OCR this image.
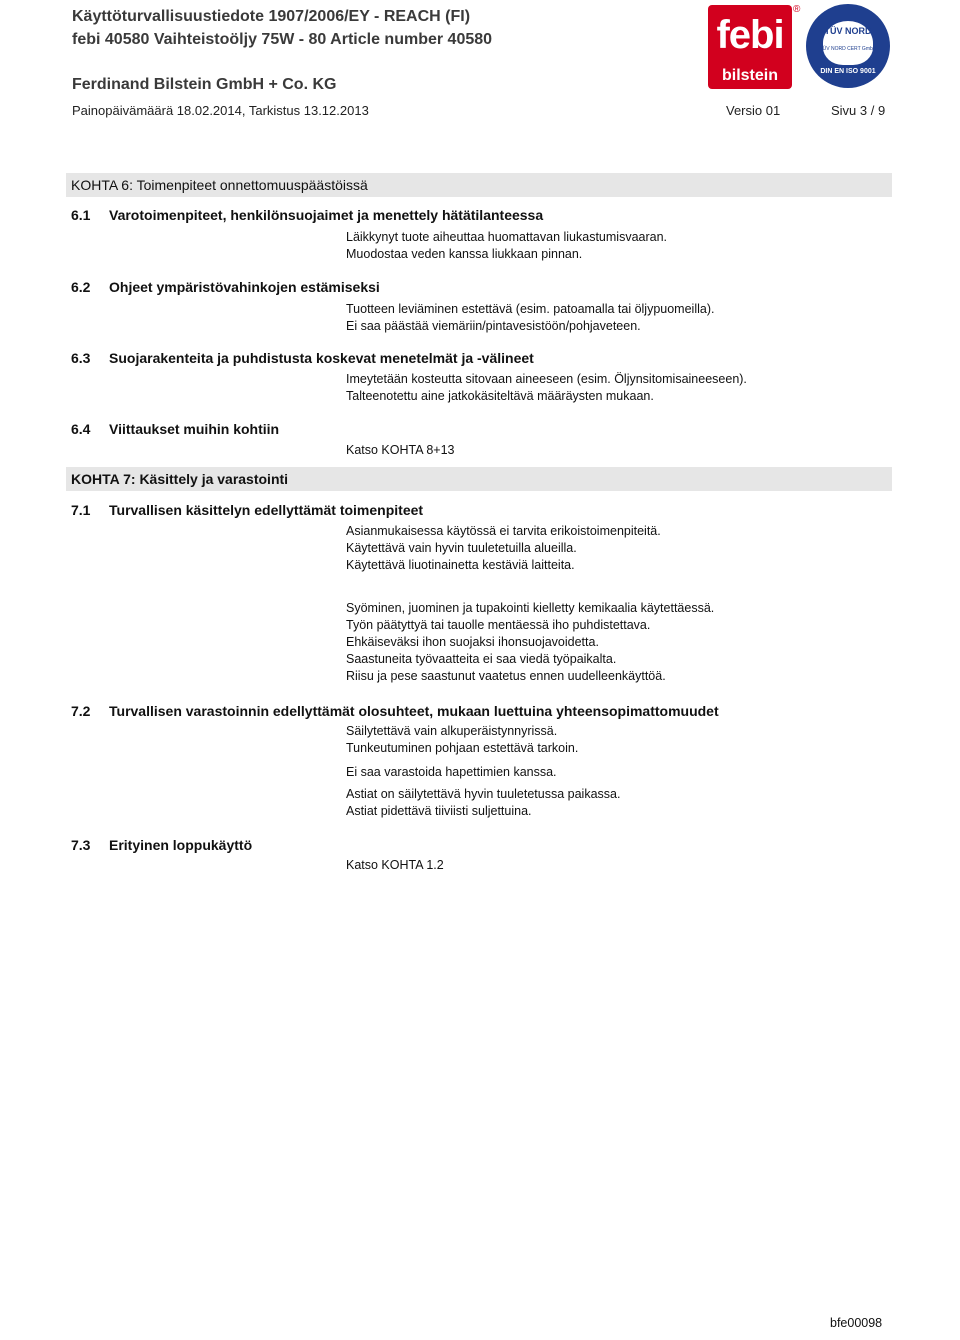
Käyttöturvallisuustiedote 1907/2006/EY - REACH (FI)
febi 40580 Vaihteistoöljy 75W - 80 Article number 40580
Ferdinand Bilstein GmbH + Co. KG
Painopäivämäärä 18.02.2014, Tarkistus 13.12.2013	Versio 01	Sivu 3 / 9
febi
bilstein
®
TÜV NORD
TÜV NORD CERT GmbH
DIN EN ISO 9001
KOHTA 6: Toimenpiteet onnettomuuspäästöissä
6.1 Varotoimenpiteet, henkilönsuojaimet ja menettely hätätilanteessa
Läikkynyt tuote aiheuttaa huomattavan liukastumisvaaran.
Muodostaa veden kanssa liukkaan pinnan.
6.2 Ohjeet ympäristövahinkojen estämiseksi
Tuotteen leviäminen estettävä (esim. patoamalla tai öljypuomeilla).
Ei saa päästää viemäriin/pintavesistöön/pohjaveteen.
6.3 Suojarakenteita ja puhdistusta koskevat menetelmät ja -välineet
Imeytetään kosteutta sitovaan aineeseen (esim. Öljynsitomisaineeseen).
Talteenotettu aine jatkokäsiteltävä määräysten mukaan.
6.4 Viittaukset muihin kohtiin
Katso KOHTA 8+13
KOHTA 7: Käsittely ja varastointi
7.1 Turvallisen käsittelyn edellyttämät toimenpiteet
Asianmukaisessa käytössä ei tarvita erikoistoimenpiteitä.
Käytettävä vain hyvin tuuletetuilla alueilla.
Käytettävä liuotinainetta kestäviä laitteita.
Syöminen, juominen ja tupakointi kielletty kemikaalia käytettäessä.
Työn päätyttyä tai tauolle mentäessä iho puhdistettava.
Ehkäiseväksi ihon suojaksi ihonsuojavoidetta.
Saastuneita työvaatteita ei saa viedä työpaikalta.
Riisu ja pese saastunut vaatetus ennen uudelleenkäyttöä.
7.2 Turvallisen varastoinnin edellyttämät olosuhteet, mukaan luettuina yhteensopimattomuudet
Säilytettävä vain alkuperäistynnyrissä.
Tunkeutuminen pohjaan estettävä tarkoin.
Ei saa varastoida hapettimien kanssa.
Astiat on säilytettävä hyvin tuuletetussa paikassa.
Astiat pidettävä tiiviisti suljettuina.
7.3 Erityinen loppukäyttö
Katso KOHTA 1.2
bfe00098
